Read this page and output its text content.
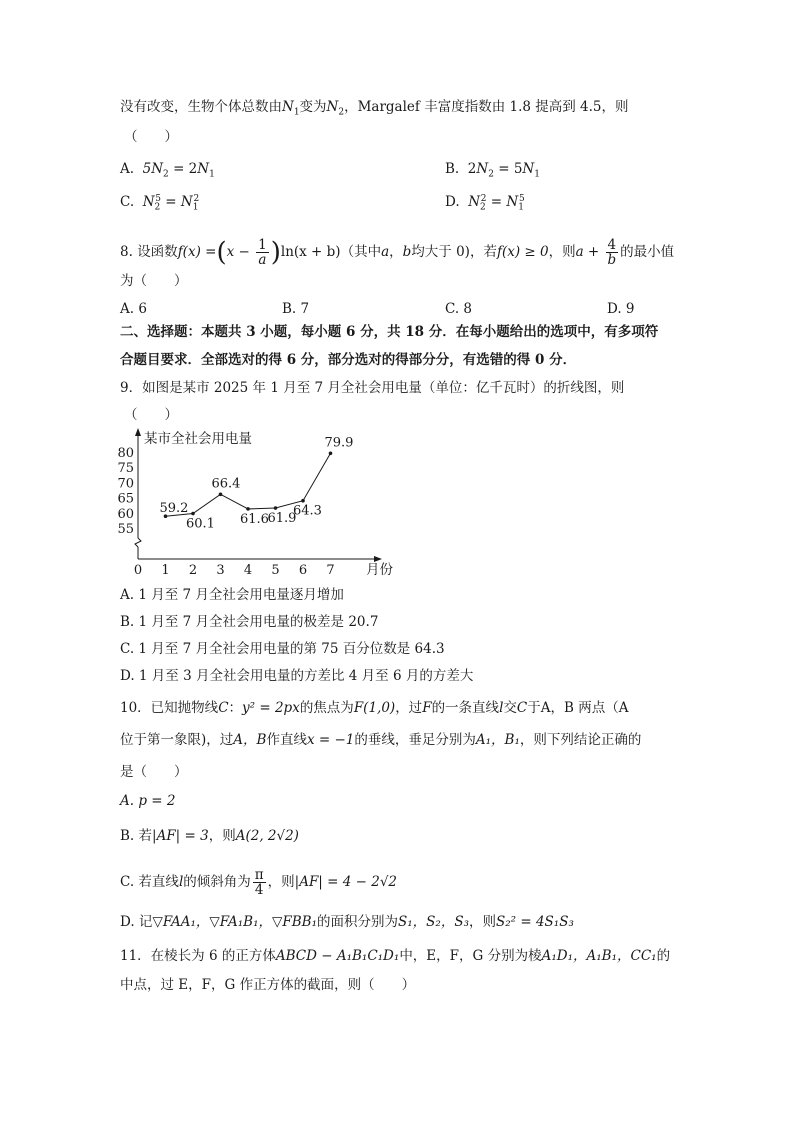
没有改变，生物个体总数由$N_1$变为$N_2$，Margalef 丰富度指数由 1.8 提高到 4.5，则
（　　）
A. $5N_2 = 2N_1$	B.  $2N_2 = 5N_1$
C. $N_2^5 = N_1^2$	D. $N_2^2 = N_1^5$
8. 设函数$f(x) =(x - \frac{1}{a} )\ln(x + b)$（其中a，b均大于 0)，若f(x) ≥ 0，则$a + \frac{4}{b}$ 的最小值
为（　　）
A. 6	B. 7	C. 8	D. 9
二、选择题：本题共 3 小题，每小题 6 分，共 18 分．在每小题给出的选项中，有多项符
合题目要求．全部选对的得 6 分，部分选对的得部分分，有选错的得 0 分．
9．如图是某市 2025 年 1 月至 7 月全社会用电量（单位：亿千瓦时）的折线图，则
（　　）
某市全社会用电量
月份
0 1 2 3 4 5 6 7
55
60
65
70
75
80
59.2
60.1
66.4
61.6
61.9
64.3
79.9
A. 1 月至 7 月全社会用电量逐月增加
B. 1 月至 7 月全社会用电量的极差是 20.7
C. 1 月至 7 月全社会用电量的第 75 百分位数是 64.3
D. 1 月至 3 月全社会用电量的方差比 4 月至 6 月的方差大
10．已知抛物线C：y² = 2px的焦点为F(1,0)，过F的一条直线l交C于A，B 两点（A
位于第一象限)，过A，B作直线x = −1的垂线，垂足分别为A₁，B₁，则下列结论正确的
是（　　）
A. p = 2
B. 若|AF| = 3，则A(2, 2√2)
C. 若直线l的倾斜角为 $\frac{\pi}{4}$ ，则|AF| = 4 − 2√2
D. 记▽FAA₁，▽FA₁B₁，▽FBB₁的面积分别为S₁，S₂，S₃，则S₂² = 4S₁S₃
11．在棱长为 6 的正方体ABCD − A₁B₁C₁D₁中，E，F，G 分别为棱A₁D₁，A₁B₁，CC₁的
中点，过 E，F，G 作正方体的截面，则（　　）
